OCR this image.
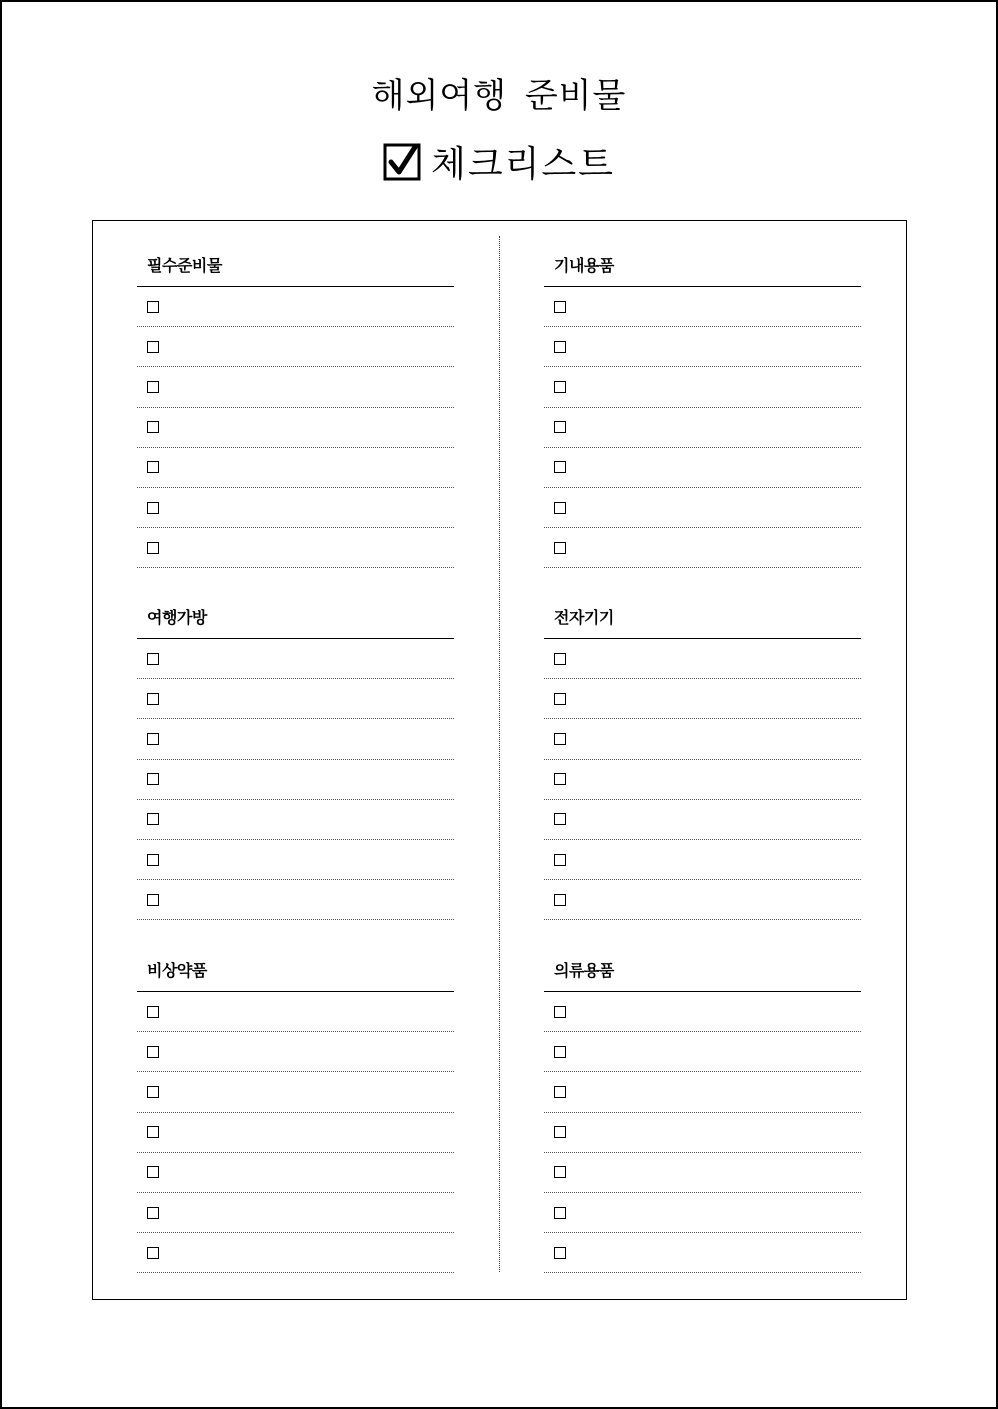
해외여행 준비물
체크리스트
필수준비물	기내용품
여행가방	전자기기
비상약품	의류용품
